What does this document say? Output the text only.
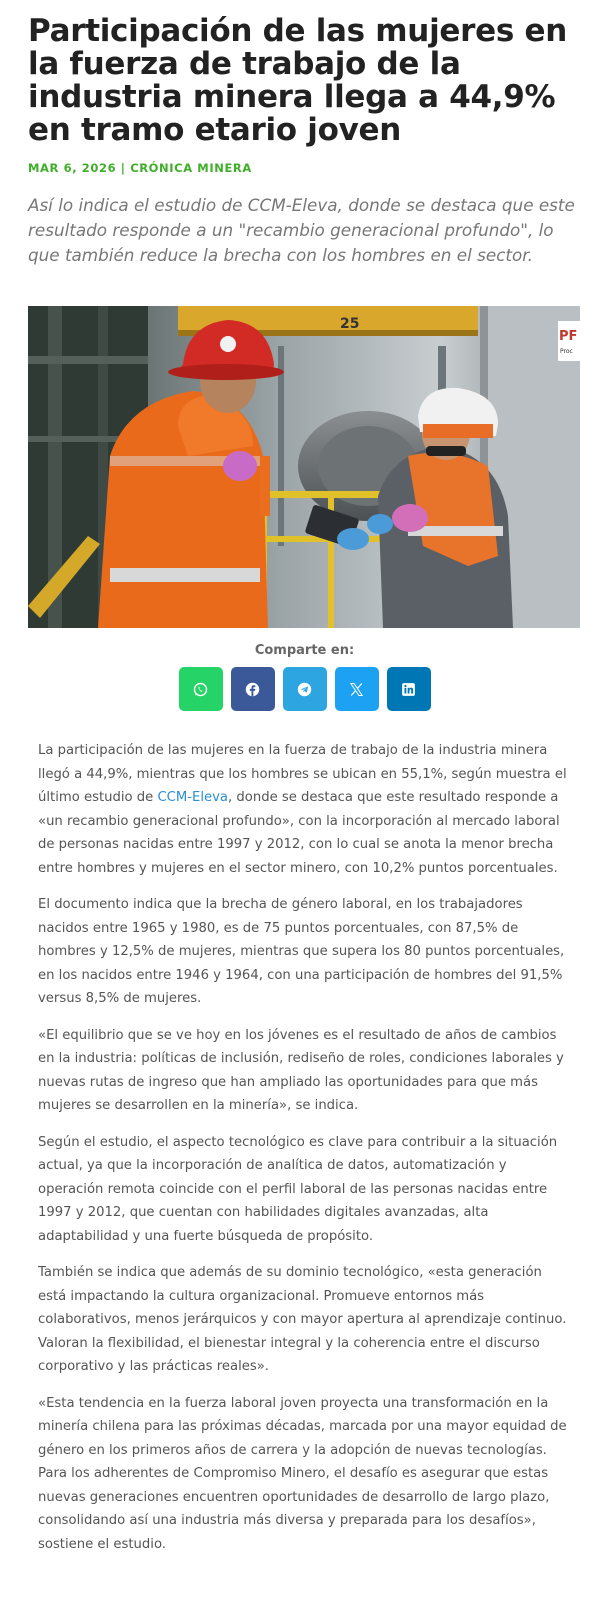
Participación de las mujeres en la fuerza de trabajo de la industria minera llega a 44,9% en tramo etario joven
MAR 6, 2026 | CRÓNICA MINERA
Así lo indica el estudio de CCM-Eleva, donde se destaca que este resultado responde a un "recambio generacional profundo", lo que también reduce la brecha con los hombres en el sector.
25
PF
Proc
Comparte en:

La participación de las mujeres en la fuerza de trabajo de la industria minera llegó a 44,9%, mientras que los hombres se ubican en 55,1%, según muestra el último estudio de CCM-Eleva, donde se destaca que este resultado responde a «un recambio generacional profundo», con la incorporación al mercado laboral de personas nacidas entre 1997 y 2012, con lo cual se anota la menor brecha entre hombres y mujeres en el sector minero, con 10,2% puntos porcentuales.

El documento indica que la brecha de género laboral, en los trabajadores nacidos entre 1965 y 1980, es de 75 puntos porcentuales, con 87,5% de hombres y 12,5% de mujeres, mientras que supera los 80 puntos porcentuales, en los nacidos entre 1946 y 1964, con una participación de hombres del 91,5% versus 8,5% de mujeres.

«El equilibrio que se ve hoy en los jóvenes es el resultado de años de cambios en la industria: políticas de inclusión, rediseño de roles, condiciones laborales y nuevas rutas de ingreso que han ampliado las oportunidades para que más mujeres se desarrollen en la minería», se indica.

Según el estudio, el aspecto tecnológico es clave para contribuir a la situación actual, ya que la incorporación de analítica de datos, automatización y operación remota coincide con el perfil laboral de las personas nacidas entre 1997 y 2012, que cuentan con habilidades digitales avanzadas, alta adaptabilidad y una fuerte búsqueda de propósito.

También se indica que además de su dominio tecnológico, «esta generación está impactando la cultura organizacional. Promueve entornos más colaborativos, menos jerárquicos y con mayor apertura al aprendizaje continuo. Valoran la flexibilidad, el bienestar integral y la coherencia entre el discurso corporativo y las prácticas reales».

«Esta tendencia en la fuerza laboral joven proyecta una transformación en la minería chilena para las próximas décadas, marcada por una mayor equidad de género en los primeros años de carrera y la adopción de nuevas tecnologías. Para los adherentes de Compromiso Minero, el desafío es asegurar que estas nuevas generaciones encuentren oportunidades de desarrollo de largo plazo, consolidando así una industria más diversa y preparada para los desafíos», sostiene el estudio.
